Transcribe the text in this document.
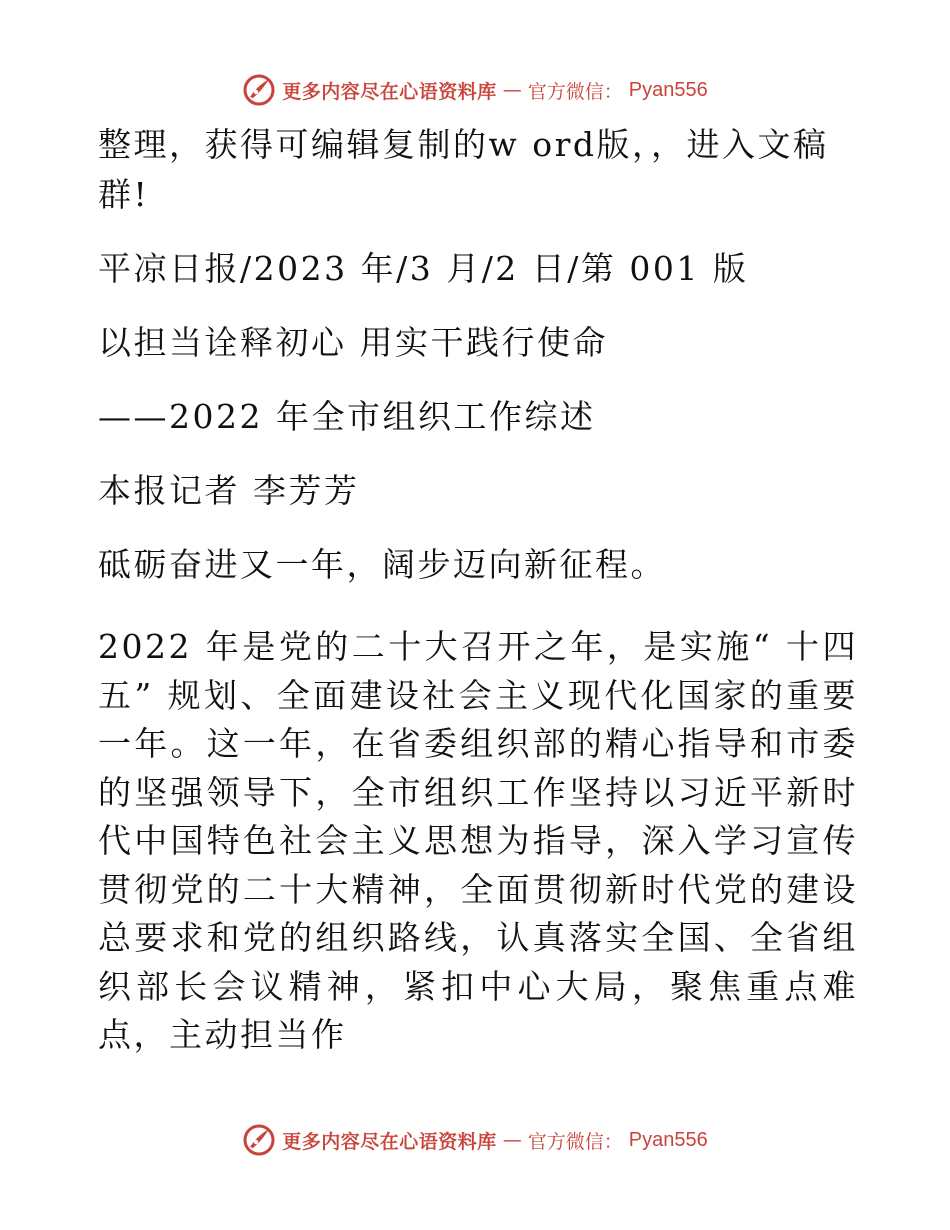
更多内容尽在心语资料库 — 官方微信： Pyan556

整理，获得可编辑复制的w ord版，，进入文稿群!

平凉日报/2023 年/3 月/2 日/第 001 版

以担当诠释初心 用实干践行使命

——2022 年全市组织工作综述

本报记者 李芳芳

砥砺奋进又一年，阔步迈向新征程。

2022 年是党的二十大召开之年，是实施“ 十四五” 规划、全面建设社会主义现代化国家的重要一年。这一年，在省委组织部的精心指导和市委的坚强领导下，全市组织工作坚持以习近平新时代中国特色社会主义思想为指导，深入学习宣传贯彻党的二十大精神，全面贯彻新时代党的建设总要求和党的组织路线，认真落实全国、全省组织部长会议精神，紧扣中心大局，聚焦重点难点，主动担当作

更多内容尽在心语资料库 — 官方微信： Pyan556
